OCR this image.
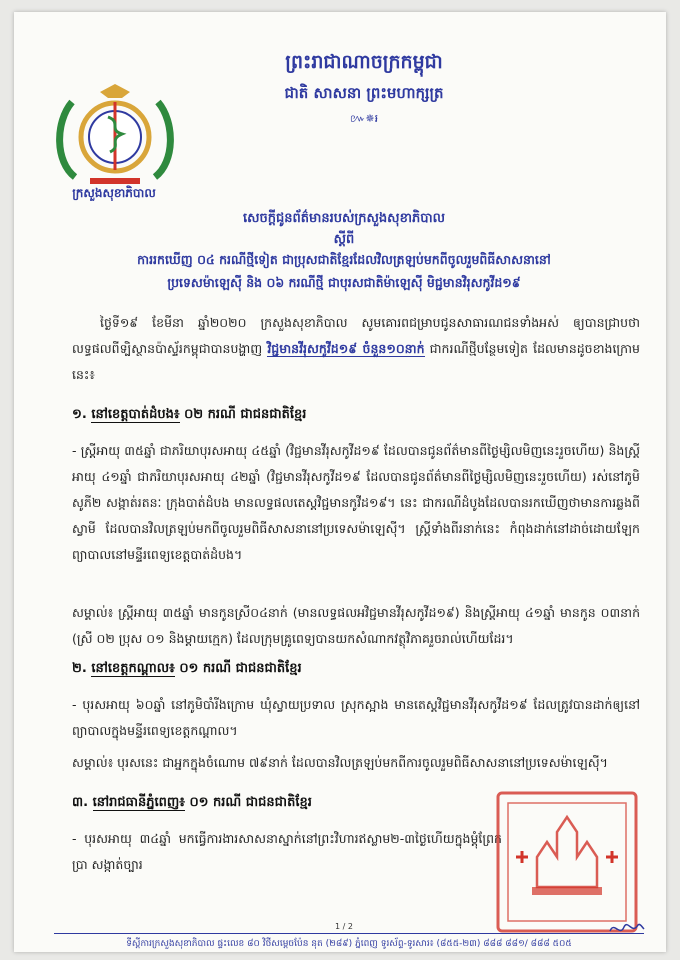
ក្រសួងសុខាភិបាល
ព្រះរាជាណាចក្រកម្ពុជា
ជាតិ សាសនា ព្រះមហាក្សត្រ
៚✵៛
សេចក្តីជូនព័ត៌មានរបស់ក្រសួងសុខាភិបាល
ស្តីពី
ការរកឃើញ ០៤ ករណីថ្មីទៀត ជាប្រុសជាតិខ្មែរដែលវិលត្រឡប់មកពីចូលរួមពិធីសាសនានៅ
ប្រទេសម៉ាឡេស៊ី និង ០៦ ករណីថ្មី ជាបុរសជាតិម៉ាឡេស៊ី មិជ្ជមានវិរុសកូវីដ១៩
ថ្ងៃទី១៩ ខែមីនា ឆ្នាំ២០២០ ក្រសួងសុខាភិបាល សូមគោរពជម្រាបជូនសាធារណជនទាំងអស់ ឲ្យបានជ្រាបថា លទ្ធផលពីទ្បិស្ថានប៉ាស្ទ័រកម្ពុជាបានបង្ហាញ វិជ្ជមានវីរុសកូវីដ១៩ ចំនួន១០នាក់ ជាករណីថ្មីបន្ថែមទៀត ដែលមានដូចខាងក្រោមនេះ៖
១. នៅខេត្តបាត់ដំបង៖ ០២ ករណី ជាជនជាតិខ្មែរ
- ស្ត្រីអាយុ ៣៥ឆ្នាំ ជាភរិយាបុរសអាយុ ៤៥ឆ្នាំ (វិជ្ជមានវីរុសកូវីដ១៩ ដែលបានជូនព័ត៌មានពីថ្ងៃម្សិលមិញនេះរួចហើយ) និងស្ត្រីអាយុ ៤១ឆ្នាំ ជាភរិយាបុរសអាយុ ៤២ឆ្នាំ (វិជ្ជមានវីរុសកូវីដ១៩ ដែលបានជូនព័ត៌មានពីថ្ងៃម្សិលមិញនេះរួចហើយ) រស់នៅភូមិសូភី២ សង្កាត់រតនៈ ក្រុងបាត់ដំបង មានលទ្ធផលតេស្តវិជ្ជមានកូវីដ១៩។ នេះ ជាករណីដំបូងដែលបានរកឃើញថាមានការឆ្លងពីស្វាមី ដែលបានវិលត្រឡប់មកពីចូលរួមពិធីសាសនានៅប្រទេសម៉ាឡេស៊ី។ ស្ត្រីទាំងពីរនាក់នេះ កំពុងដាក់នៅដាច់ដោយឡែកព្យាបាលនៅមន្ទីរពេទ្យខេត្តបាត់ដំបង។
សម្គាល់៖ ស្ត្រីអាយុ ៣៥ឆ្នាំ មានកូនស្រី០៤នាក់ (មានលទ្ធផលអវិជ្ជមានវីរុសកូវីដ១៩) និងស្ត្រីអាយុ ៤១ឆ្នាំ មានកូន ០៣នាក់ (ស្រី ០២ ប្រុស ០១ និងម្តាយក្មេក) ដែលក្រុមគ្រូពេទ្យបានយកសំណាកវត្ថុវិភាគរួចរាល់ហើយដែរ។
២. នៅខេត្តកណ្តាល៖ ០១ ករណី ជាជនជាតិខ្មែរ
- បុរសអាយុ ៦០ឆ្នាំ នៅភូមិបាំរីងក្រោម ឃុំស្វាយប្រទាល ស្រុកស្អាង មានតេស្តវិជ្ជមានវីរុសកូវីដ១៩ ដែលត្រូវបានដាក់ឲ្យនៅព្យាបាលក្នុងមន្ទីរពេទ្យខេត្តកណ្តាល។
សម្គាល់៖ បុរសនេះ ជាអ្នកក្នុងចំណោម ៧៩នាក់ ដែលបានវិលត្រឡប់មកពីការចូលរួមពិធីសាសនានៅប្រទេសម៉ាឡេស៊ី។
៣. នៅរាជធានីភ្នំពេញ៖ ០១ ករណី ជាជនជាតិខ្មែរ
- បុរសអាយុ ៣៤ឆ្នាំ មកធ្វើការងារសាសនាស្នាក់នៅព្រះវិហារឥស្លាម២-៣ថ្ងៃហើយក្នុងម្ដុំព្រែកប្រា សង្កាត់ច្បារ
1 / 2
ទីស្តីការក្រសួងសុខាភិបាល ផ្ទះលេខ ៨០ វិថីសម្តេចប៉ែន នុត (២៨៩) ភ្នំពេញ ទូរស័ព្ទ-ទូរសារ៖ (៨៥៥-២៣) ៨៨៨ ៨៨១/ ៨៨៨ ៥០៥
